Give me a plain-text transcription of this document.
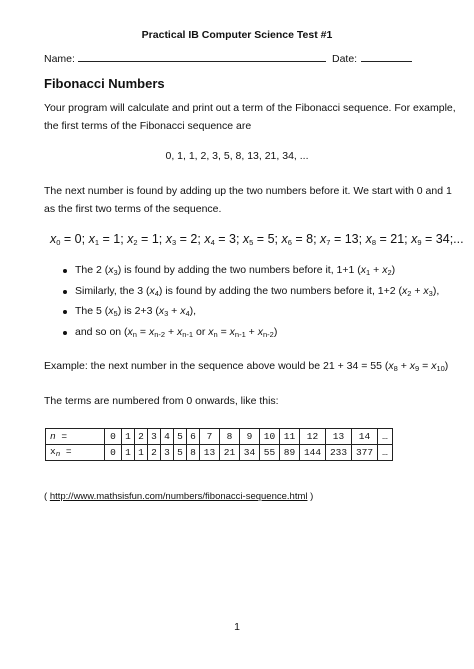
Practical IB Computer Science Test #1
Name:	Date:
Fibonacci Numbers
Your program will calculate and print out a term of the Fibonacci sequence. For example,
the first terms of the Fibonacci sequence are
0, 1, 1, 2, 3, 5, 8, 13, 21, 34, ...
The next number is found by adding up the two numbers before it. We start with 0 and 1
as the first two terms of the sequence.
$x_0 = 0$; $x_1 = 1$; $x_2 = 1$; $x_3 = 2$; $x_4 = 3$; $x_5 = 5$; $x_6 = 8$; $x_7 = 13$; $x_8 = 21$; $x_9 = 34$;...
The 2 $(x_3)$ is found by adding the two numbers before it, 1+1 $(x_1 + x_2)$
Similarly, the 3 $(x_4)$ is found by adding the two numbers before it, 1+2 $(x_2 + x_3)$,
The 5 $(x_5)$ is 2+3 $(x_3 + x_4)$,
and so on ($x_n = x_{n-2} + x_{n-1}$ or $x_n = x_{n-1} + x_{n-2}$)
Example: the next number in the sequence above would be 21 + 34 = 55 $(x_8 + x_9 = x_{10})$
The terms are numbered from 0 onwards, like this:
n =	0	1	2	3	4	5	6	7	8	9	10	11	12	13	14	…
$x_n$ =	0	1	1	2	3	5	8	13	21	34	55	89	144	233	377	…
( http://www.mathsisfun.com/numbers/fibonacci-sequence.html )
1
